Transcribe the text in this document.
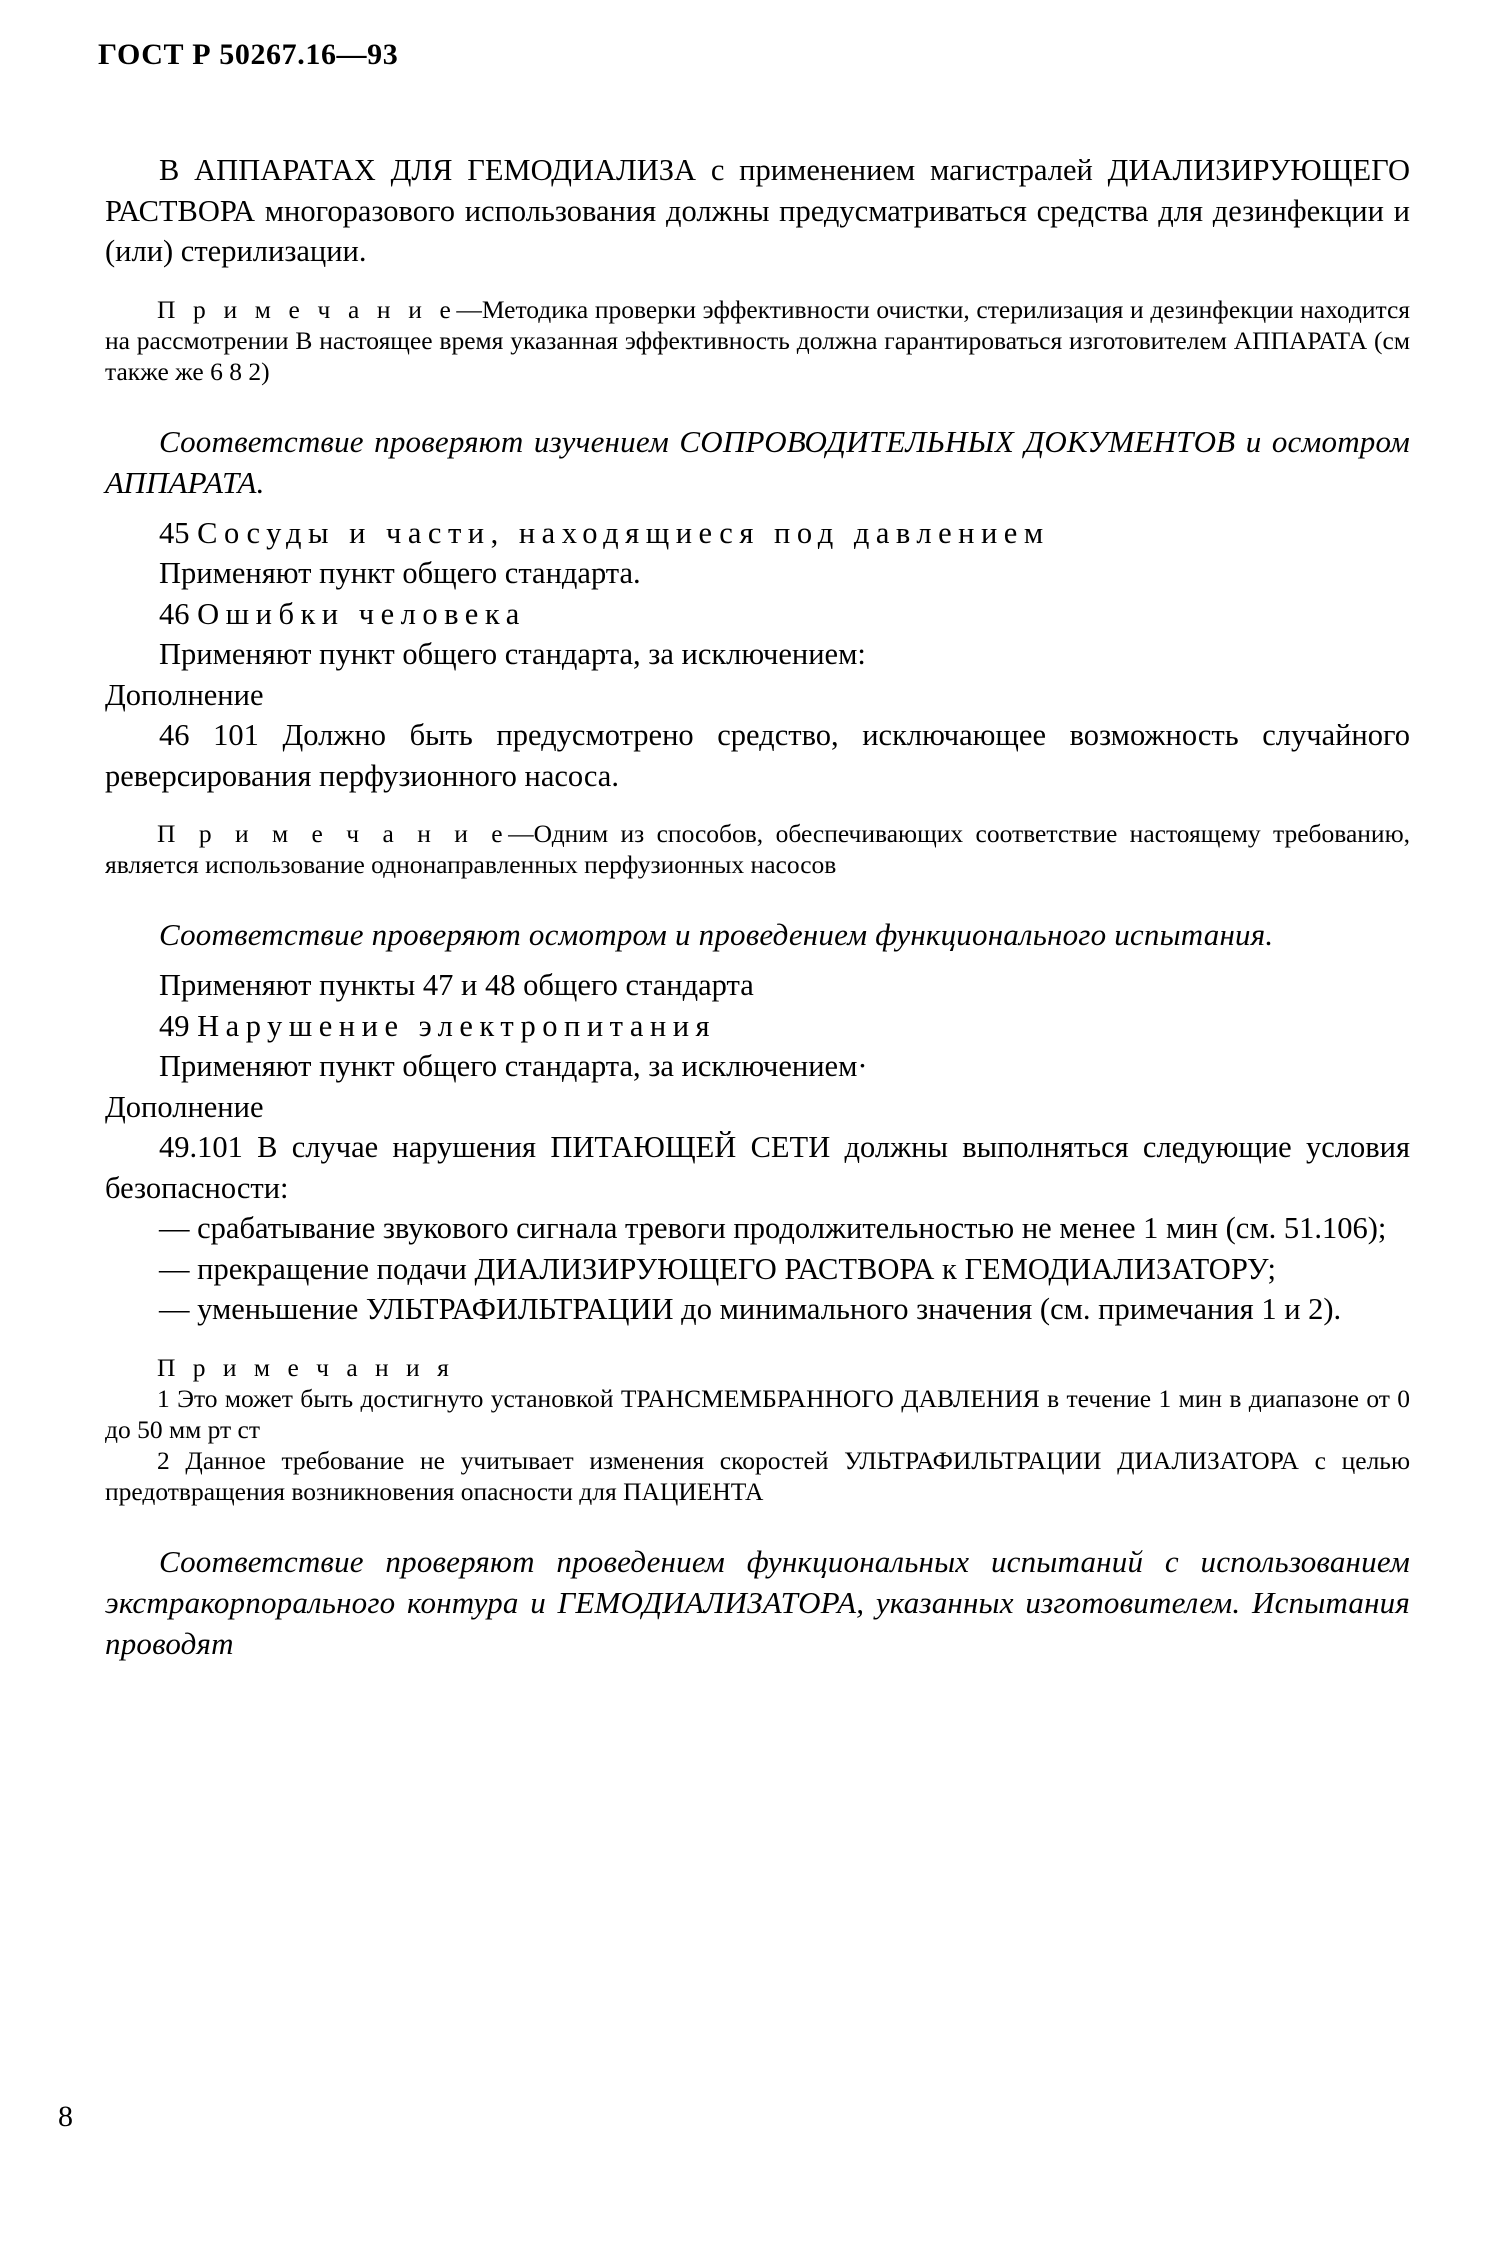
ГОСТ Р 50267.16—93

В АППАРАТАХ ДЛЯ ГЕМОДИАЛИЗА с применением магистралей ДИАЛИЗИРУЮЩЕГО РАСТВОРА многоразового использования должны предусматриваться средства для дезинфекции и (или) стерилизации.

П р и м е ч а н и е—Методика проверки эффективности очистки, стерилизация и дезинфекции находится на рассмотрении В настоящее время указанная эффективность должна гарантироваться изготовителем АППАРАТА (см также же 6 8 2)

Соответствие проверяют изучением СОПРОВОДИТЕЛЬНЫХ ДОКУМЕНТОВ и осмотром АППАРАТА.

45 Сосуды и части, находящиеся под давлением

Применяют пункт общего стандарта.

46 Ошибки человека

Применяют пункт общего стандарта, за исключением:

Дополнение

46 101 Должно быть предусмотрено средство, исключающее возможность случайного реверсирования перфузионного насоса.

П р и м е ч а н и е—Одним из способов, обеспечивающих соответствие настоящему требованию, является использование однонаправленных перфузионных насосов

Соответствие проверяют осмотром и проведением функционального испытания.

Применяют пункты 47 и 48 общего стандарта

49 Нарушение электропитания

Применяют пункт общего стандарта, за исключением·

Дополнение

49.101 В случае нарушения ПИТАЮЩЕЙ СЕТИ должны выполняться следующие условия безопасности:

— срабатывание звукового сигнала тревоги продолжительностью не менее 1 мин (см. 51.106);

— прекращение подачи ДИАЛИЗИРУЮЩЕГО РАСТВОРА к ГЕМОДИАЛИЗАТОРУ;

— уменьшение УЛЬТРАФИЛЬТРАЦИИ до минимального значения (см. примечания 1 и 2).

П р и м е ч а н и я

1 Это может быть достигнуто установкой ТРАНСМЕМБРАННОГО ДАВЛЕНИЯ в течение 1 мин в диапазоне от 0 до 50 мм рт ст

2 Данное требование не учитывает изменения скоростей УЛЬТРАФИЛЬТРАЦИИ ДИАЛИЗАТОРА с целью предотвращения возникновения опасности для ПАЦИЕНТА

Соответствие проверяют проведением функциональных испытаний с использованием экстракорпорального контура и ГЕМОДИАЛИЗАТОРА, указанных изготовителем. Испытания проводят

8
